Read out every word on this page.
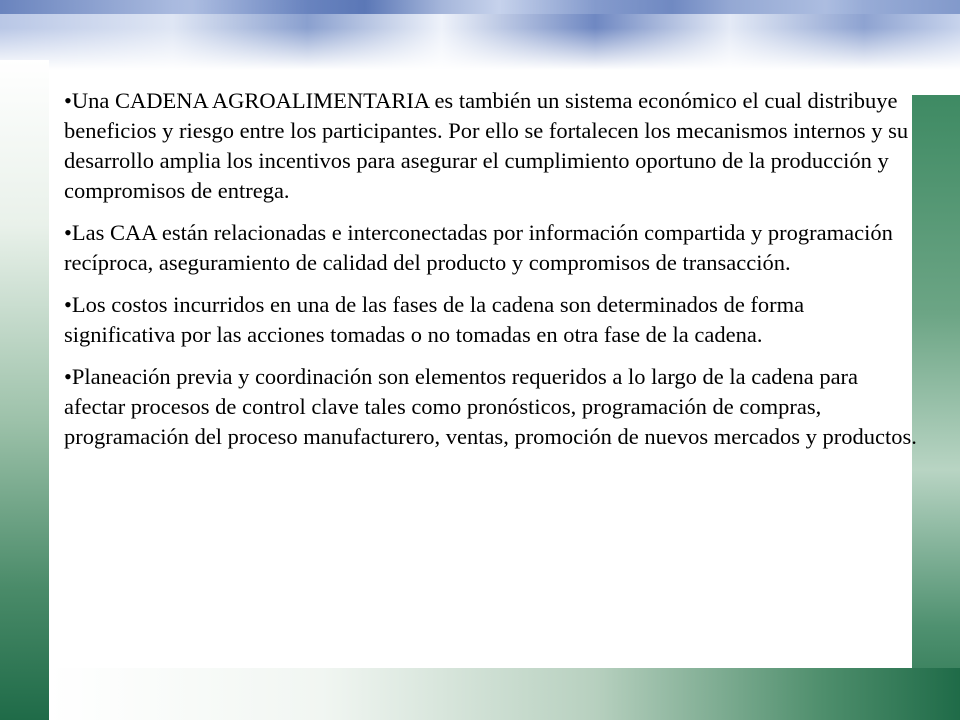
• Una CADENA AGROALIMENTARIA es también un sistema económico el cual distribuye beneficios y riesgo entre los participantes. Por ello se fortalecen los mecanismos internos y su desarrollo amplia los incentivos para asegurar el cumplimiento oportuno de la producción y compromisos de entrega.
• Las CAA están relacionadas e interconectadas por información compartida y programación recíproca, aseguramiento de calidad del producto y compromisos de transacción.
• Los costos incurridos en una de las fases de la cadena son determinados de forma significativa por las acciones tomadas o no tomadas en otra fase de la cadena.
• Planeación previa y coordinación son elementos requeridos a lo largo de la cadena para afectar procesos de control clave tales como pronósticos, programación de compras, programación del proceso manufacturero, ventas, promoción de nuevos mercados y productos.
